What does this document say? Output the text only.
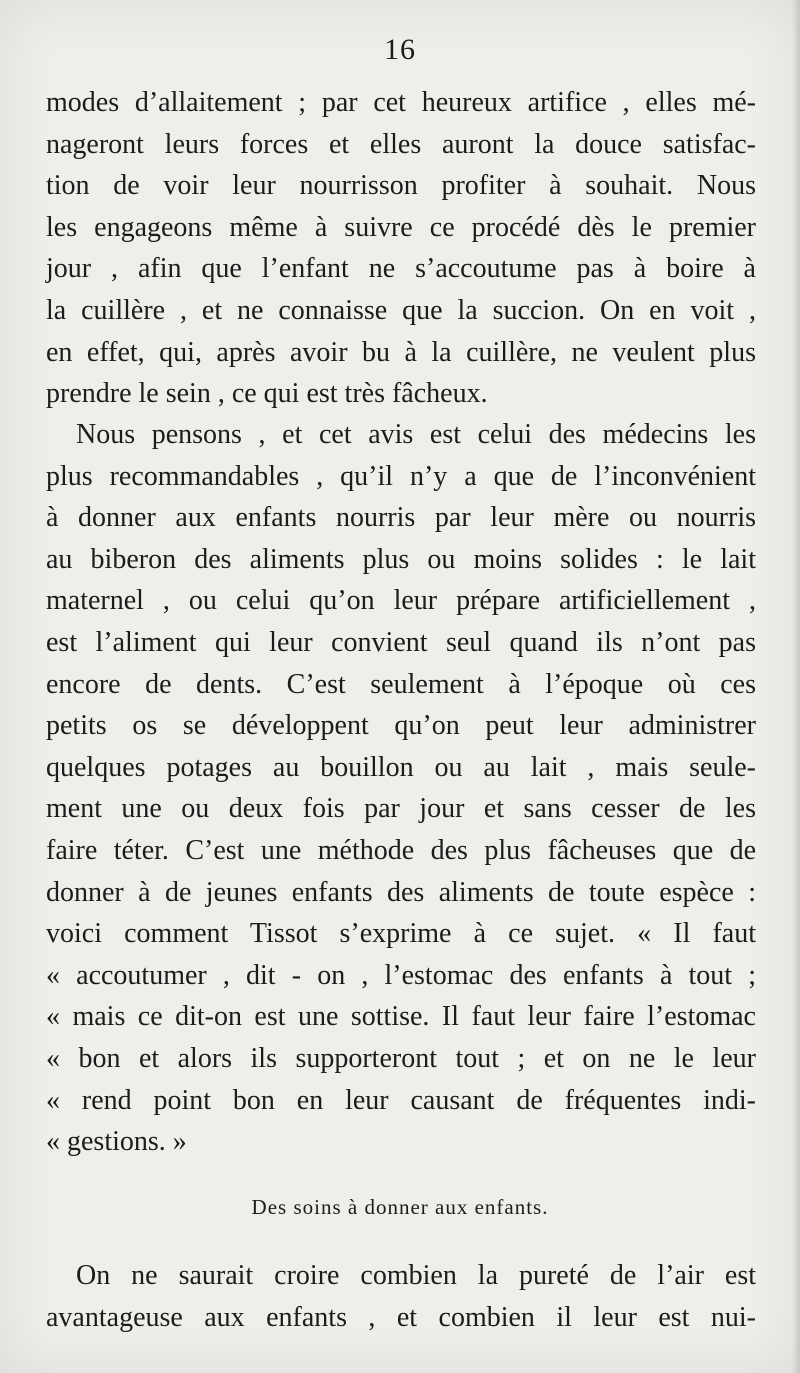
16
modes d’allaitement ; par cet heureux artifice , elles mé-
nageront leurs forces et elles auront la douce satisfac-
tion de voir leur nourrisson profiter à souhait. Nous
les engageons même à suivre ce procédé dès le premier
jour , afin que l’enfant ne s’accoutume pas à boire à
la cuillère , et ne connaisse que la succion. On en voit ,
en effet, qui, après avoir bu à la cuillère, ne veulent plus
prendre le sein , ce qui est très fâcheux.
Nous pensons , et cet avis est celui des médecins les
plus recommandables , qu’il n’y a que de l’inconvénient
à donner aux enfants nourris par leur mère ou nourris
au biberon des aliments plus ou moins solides : le lait
maternel , ou celui qu’on leur prépare artificiellement ,
est l’aliment qui leur convient seul quand ils n’ont pas
encore de dents. C’est seulement à l’époque où ces
petits os se développent qu’on peut leur administrer
quelques potages au bouillon ou au lait , mais seule-
ment une ou deux fois par jour et sans cesser de les
faire téter. C’est une méthode des plus fâcheuses que de
donner à de jeunes enfants des aliments de toute espèce :
voici comment Tissot s’exprime à ce sujet. « Il faut
« accoutumer , dit - on , l’estomac des enfants à tout ;
« mais ce dit-on est une sottise. Il faut leur faire l’estomac
« bon et alors ils supporteront tout ; et on ne le leur
« rend point bon en leur causant de fréquentes indi-
« gestions. »
Des soins à donner aux enfants.
On ne saurait croire combien la pureté de l’air est
avantageuse aux enfants , et combien il leur est nui-
